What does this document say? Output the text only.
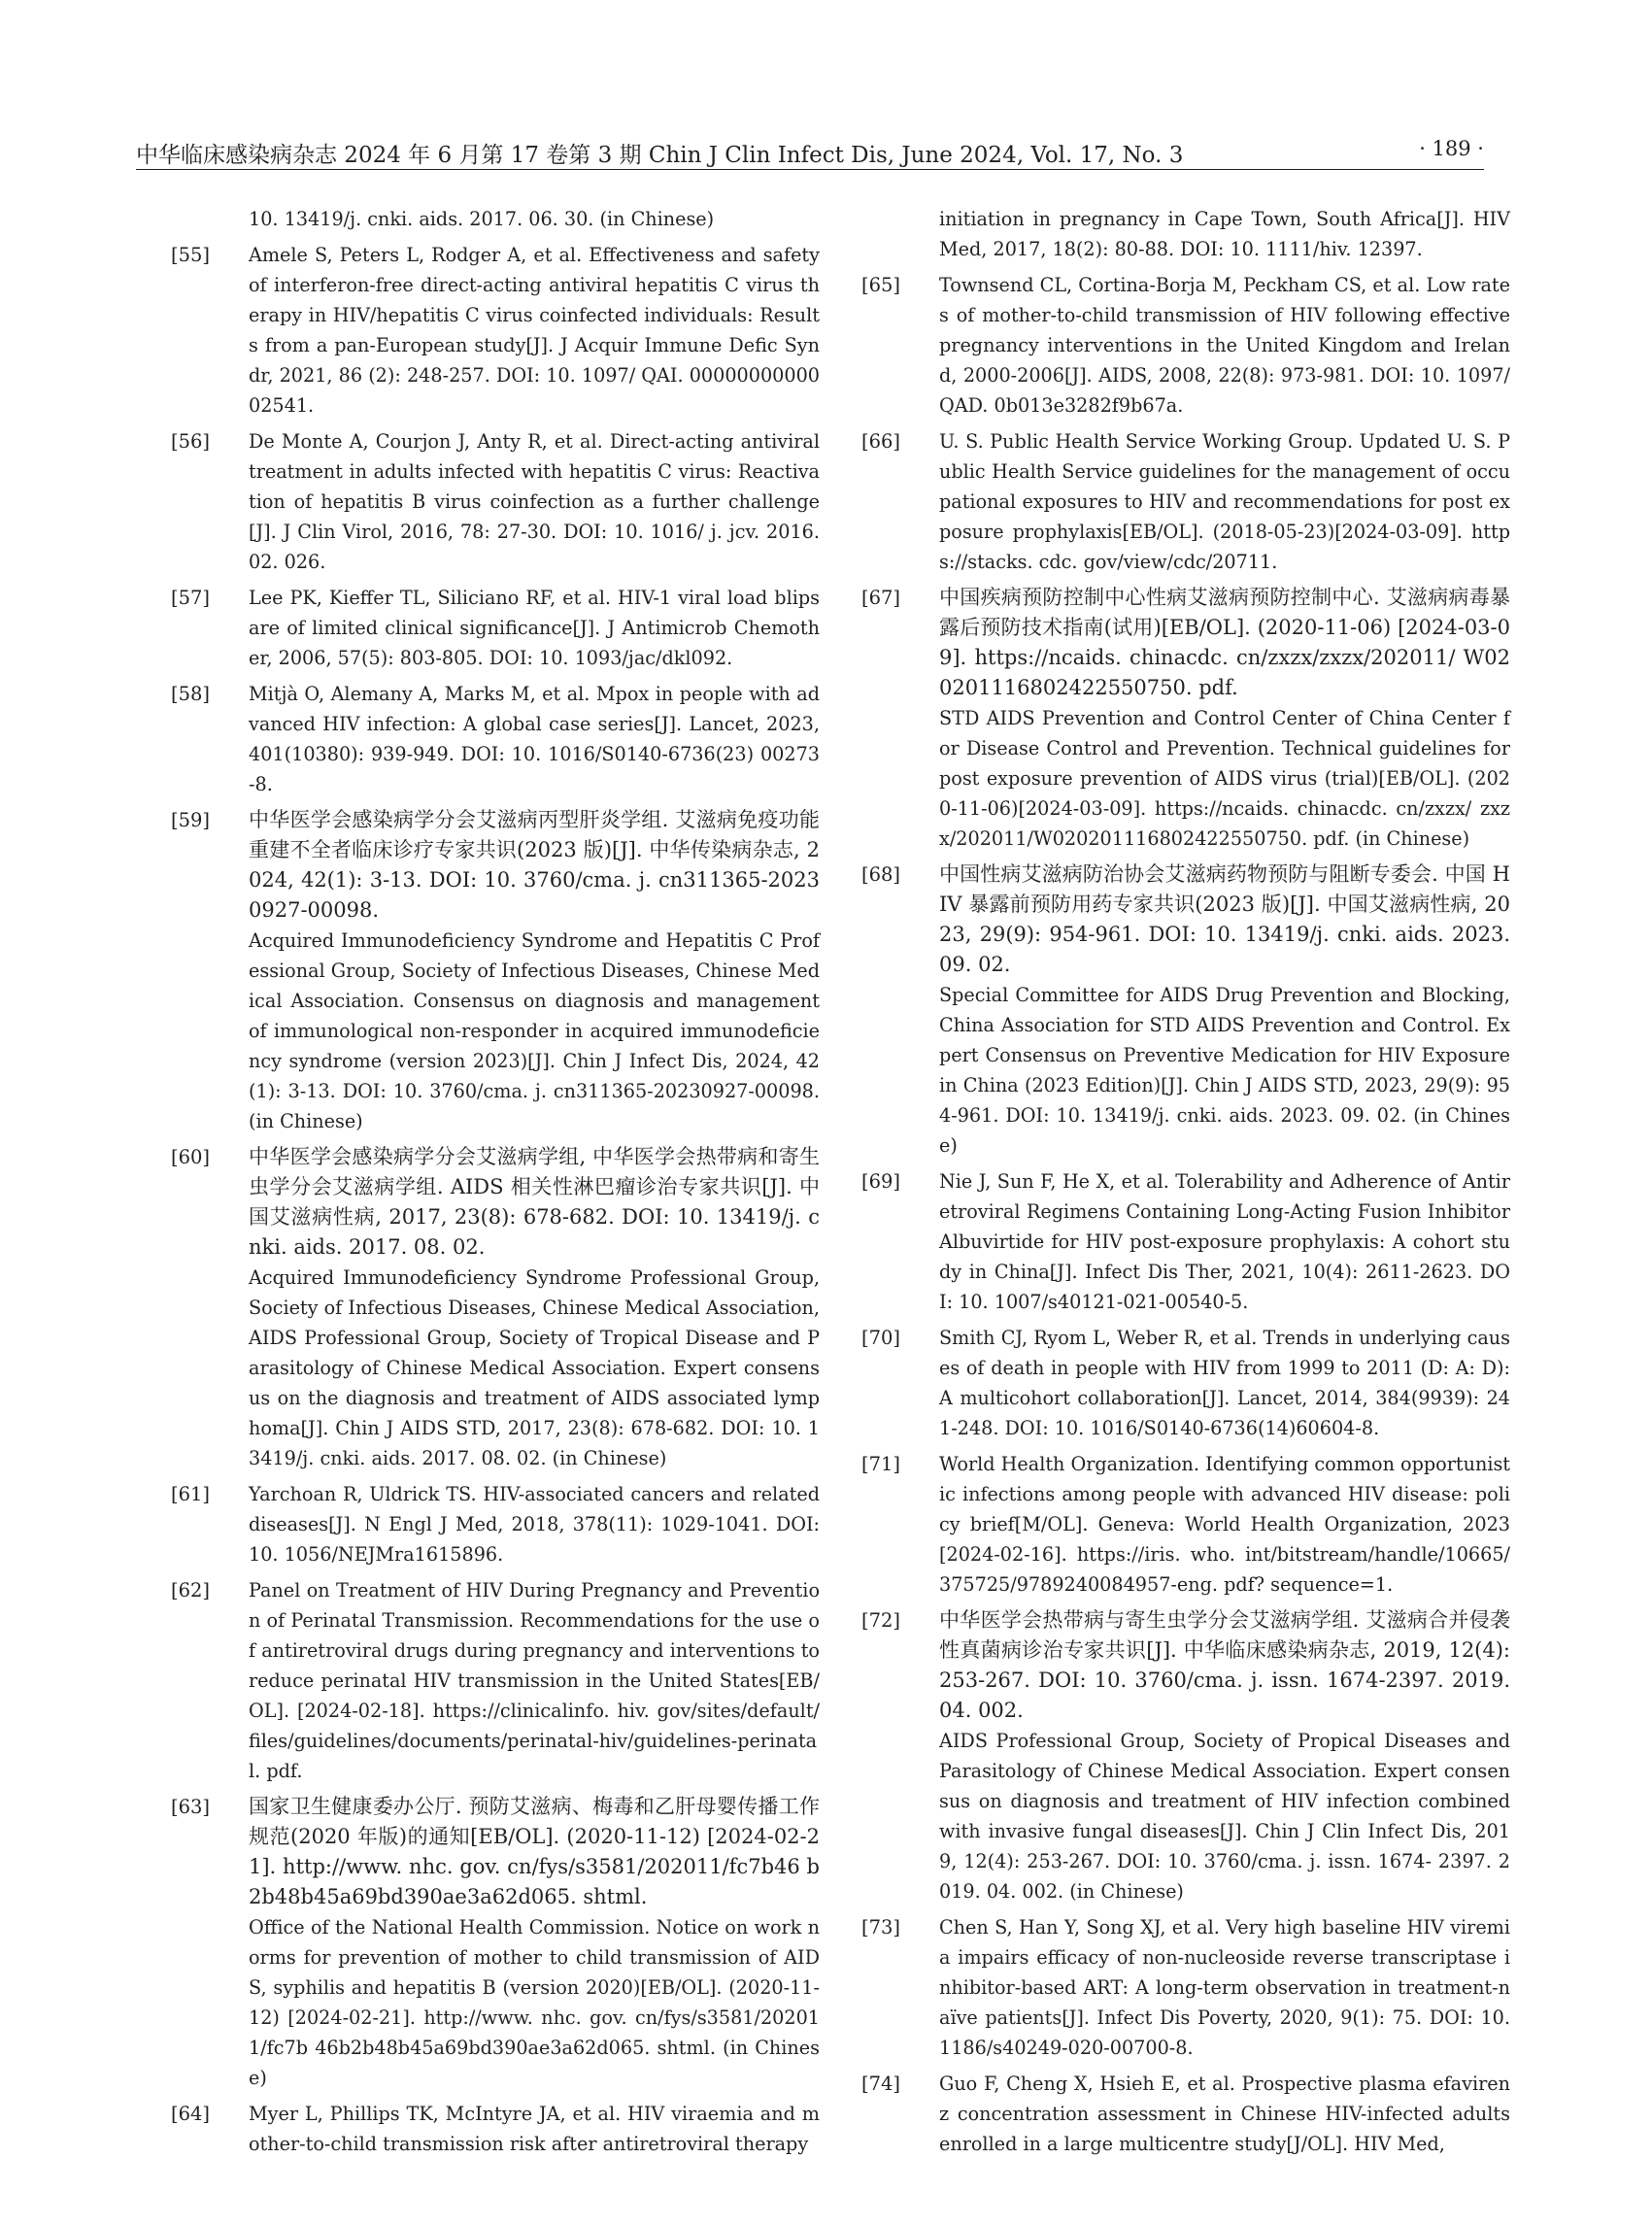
中华临床感染病杂志 2024 年 6 月第 17 卷第 3 期 Chin J Clin Infect Dis, June 2024, Vol. 17, No. 3	· 189 ·

10. 13419/j. cnki. aids. 2017. 06. 30. (in Chinese)

[55] Amele S, Peters L, Rodger A, et al. Effectiveness and safety of interferon-free direct-acting antiviral hepatitis C virus therapy in HIV/hepatitis C virus coinfected individuals: Results from a pan-European study[J]. J Acquir Immune Defic Syndr, 2021, 86 (2): 248-257. DOI: 10. 1097/ QAI. 0000000000002541.

[56] De Monte A, Courjon J, Anty R, et al. Direct-acting antiviral treatment in adults infected with hepatitis C virus: Reactivation of hepatitis B virus coinfection as a further challenge[J]. J Clin Virol, 2016, 78: 27-30. DOI: 10. 1016/ j. jcv. 2016. 02. 026.

[57] Lee PK, Kieffer TL, Siliciano RF, et al. HIV-1 viral load blips are of limited clinical significance[J]. J Antimicrob Chemother, 2006, 57(5): 803-805. DOI: 10. 1093/jac/dkl092.

[58] Mitjà O, Alemany A, Marks M, et al. Mpox in people with advanced HIV infection: A global case series[J]. Lancet, 2023, 401(10380): 939-949. DOI: 10. 1016/S0140-6736(23) 00273-8.

[59] 中华医学会感染病学分会艾滋病丙型肝炎学组. 艾滋病免疫功能重建不全者临床诊疗专家共识(2023 版)[J]. 中华传染病杂志, 2024, 42(1): 3-13. DOI: 10. 3760/cma. j. cn311365-20230927-00098.

Acquired Immunodeficiency Syndrome and Hepatitis C Professional Group, Society of Infectious Diseases, Chinese Medical Association. Consensus on diagnosis and management of immunological non-responder in acquired immunodeficiency syndrome (version 2023)[J]. Chin J Infect Dis, 2024, 42(1): 3-13. DOI: 10. 3760/cma. j. cn311365-20230927-00098. (in Chinese)

[60] 中华医学会感染病学分会艾滋病学组, 中华医学会热带病和寄生虫学分会艾滋病学组. AIDS 相关性淋巴瘤诊治专家共识[J]. 中国艾滋病性病, 2017, 23(8): 678-682. DOI: 10. 13419/j. cnki. aids. 2017. 08. 02.

Acquired Immunodeficiency Syndrome Professional Group, Society of Infectious Diseases, Chinese Medical Association, AIDS Professional Group, Society of Tropical Disease and Parasitology of Chinese Medical Association. Expert consensus on the diagnosis and treatment of AIDS associated lymphoma[J]. Chin J AIDS STD, 2017, 23(8): 678-682. DOI: 10. 13419/j. cnki. aids. 2017. 08. 02. (in Chinese)

[61] Yarchoan R, Uldrick TS. HIV-associated cancers and related diseases[J]. N Engl J Med, 2018, 378(11): 1029-1041. DOI: 10. 1056/NEJMra1615896.

[62] Panel on Treatment of HIV During Pregnancy and Prevention of Perinatal Transmission. Recommendations for the use of antiretroviral drugs during pregnancy and interventions to reduce perinatal HIV transmission in the United States[EB/ OL]. [2024-02-18]. https://clinicalinfo. hiv. gov/sites/default/ files/guidelines/documents/perinatal-hiv/guidelines-perinatal. pdf.

[63] 国家卫生健康委办公厅. 预防艾滋病、梅毒和乙肝母婴传播工作规范(2020 年版)的通知[EB/OL]. (2020-11-12) [2024-02-21]. http://www. nhc. gov. cn/fys/s3581/202011/fc7b46 b2b48b45a69bd390ae3a62d065. shtml.

Office of the National Health Commission. Notice on work norms for prevention of mother to child transmission of AIDS, syphilis and hepatitis B (version 2020)[EB/OL]. (2020-11-12) [2024-02-21]. http://www. nhc. gov. cn/fys/s3581/202011/fc7b 46b2b48b45a69bd390ae3a62d065. shtml. (in Chinese)

[64] Myer L, Phillips TK, McIntyre JA, et al. HIV viraemia and mother-to-child transmission risk after antiretroviral therapy

initiation in pregnancy in Cape Town, South Africa[J]. HIV Med, 2017, 18(2): 80-88. DOI: 10. 1111/hiv. 12397.

[65] Townsend CL, Cortina-Borja M, Peckham CS, et al. Low rates of mother-to-child transmission of HIV following effective pregnancy interventions in the United Kingdom and Ireland, 2000-2006[J]. AIDS, 2008, 22(8): 973-981. DOI: 10. 1097/QAD. 0b013e3282f9b67a.

[66] U. S. Public Health Service Working Group. Updated U. S. Public Health Service guidelines for the management of occupational exposures to HIV and recommendations for post exposure prophylaxis[EB/OL]. (2018-05-23)[2024-03-09]. https://stacks. cdc. gov/view/cdc/20711.

[67] 中国疾病预防控制中心性病艾滋病预防控制中心. 艾滋病病毒暴露后预防技术指南(试用)[EB/OL]. (2020-11-06) [2024-03-09]. https://ncaids. chinacdc. cn/zxzx/zxzx/202011/ W020201116802422550750. pdf.

STD AIDS Prevention and Control Center of China Center for Disease Control and Prevention. Technical guidelines for post exposure prevention of AIDS virus (trial)[EB/OL]. (2020-11-06)[2024-03-09]. https://ncaids. chinacdc. cn/zxzx/ zxzx/202011/W020201116802422550750. pdf. (in Chinese)

[68] 中国性病艾滋病防治协会艾滋病药物预防与阻断专委会. 中国 HIV 暴露前预防用药专家共识(2023 版)[J]. 中国艾滋病性病, 2023, 29(9): 954-961. DOI: 10. 13419/j. cnki. aids. 2023. 09. 02.

Special Committee for AIDS Drug Prevention and Blocking, China Association for STD AIDS Prevention and Control. Expert Consensus on Preventive Medication for HIV Exposure in China (2023 Edition)[J]. Chin J AIDS STD, 2023, 29(9): 954-961. DOI: 10. 13419/j. cnki. aids. 2023. 09. 02. (in Chinese)

[69] Nie J, Sun F, He X, et al. Tolerability and Adherence of Antiretroviral Regimens Containing Long-Acting Fusion Inhibitor Albuvirtide for HIV post-exposure prophylaxis: A cohort study in China[J]. Infect Dis Ther, 2021, 10(4): 2611-2623. DOI: 10. 1007/s40121-021-00540-5.

[70] Smith CJ, Ryom L, Weber R, et al. Trends in underlying causes of death in people with HIV from 1999 to 2011 (D: A: D): A multicohort collaboration[J]. Lancet, 2014, 384(9939): 241-248. DOI: 10. 1016/S0140-6736(14)60604-8.

[71] World Health Organization. Identifying common opportunistic infections among people with advanced HIV disease: policy brief[M/OL]. Geneva: World Health Organization, 2023 [2024-02-16]. https://iris. who. int/bitstream/handle/10665/ 375725/9789240084957-eng. pdf? sequence=1.

[72] 中华医学会热带病与寄生虫学分会艾滋病学组. 艾滋病合并侵袭性真菌病诊治专家共识[J]. 中华临床感染病杂志, 2019, 12(4): 253-267. DOI: 10. 3760/cma. j. issn. 1674-2397. 2019. 04. 002.

AIDS Professional Group, Society of Propical Diseases and Parasitology of Chinese Medical Association. Expert consensus on diagnosis and treatment of HIV infection combined with invasive fungal diseases[J]. Chin J Clin Infect Dis, 2019, 12(4): 253-267. DOI: 10. 3760/cma. j. issn. 1674- 2397. 2019. 04. 002. (in Chinese)

[73] Chen S, Han Y, Song XJ, et al. Very high baseline HIV viremia impairs efficacy of non-nucleoside reverse transcriptase inhibitor-based ART: A long-term observation in treatment-naïve patients[J]. Infect Dis Poverty, 2020, 9(1): 75. DOI: 10. 1186/s40249-020-00700-8.

[74] Guo F, Cheng X, Hsieh E, et al. Prospective plasma efavirenz concentration assessment in Chinese HIV-infected adults enrolled in a large multicentre study[J/OL]. HIV Med,
